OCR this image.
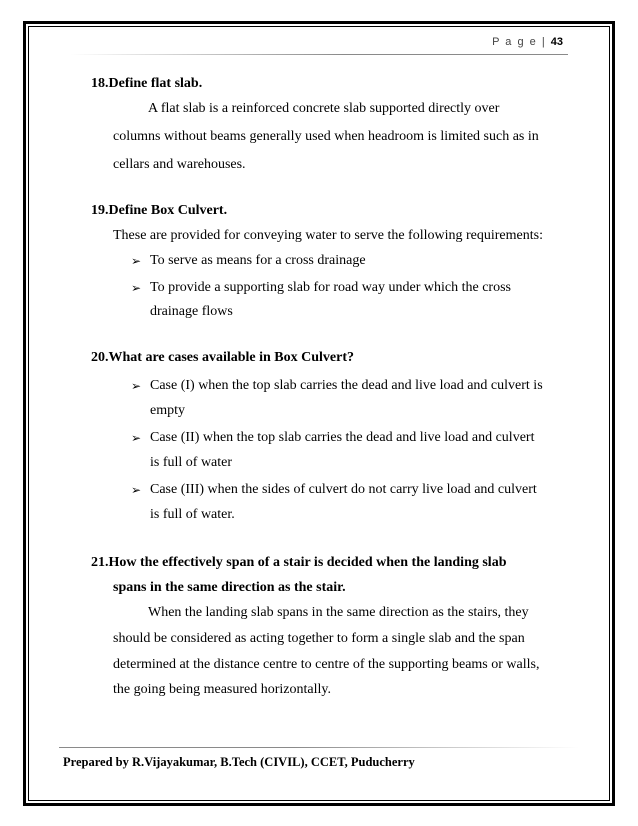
P a g e | 43
18.Define flat slab.
A flat slab is a reinforced concrete slab supported directly over
columns without beams generally used when headroom is limited such as in
cellars and warehouses.
19.Define Box Culvert.
These are provided for conveying water to serve the following requirements:
➢ To serve as means for a cross drainage
➢ To provide a supporting slab for road way under which the cross
drainage flows
20.What are cases available in Box Culvert?
➢ Case (I) when the top slab carries the dead and live load and culvert is
empty
➢ Case (II) when the top slab carries the dead and live load and culvert
is full of water
➢ Case (III) when the sides of culvert do not carry live load and culvert
is full of water.
21.How the effectively span of a stair is decided when the landing slab
spans in the same direction as the stair.
When the landing slab spans in the same direction as the stairs, they
should be considered as acting together to form a single slab and the span
determined at the distance centre to centre of the supporting beams or walls,
the going being measured horizontally.
Prepared by R.Vijayakumar, B.Tech (CIVIL), CCET, Puducherry
